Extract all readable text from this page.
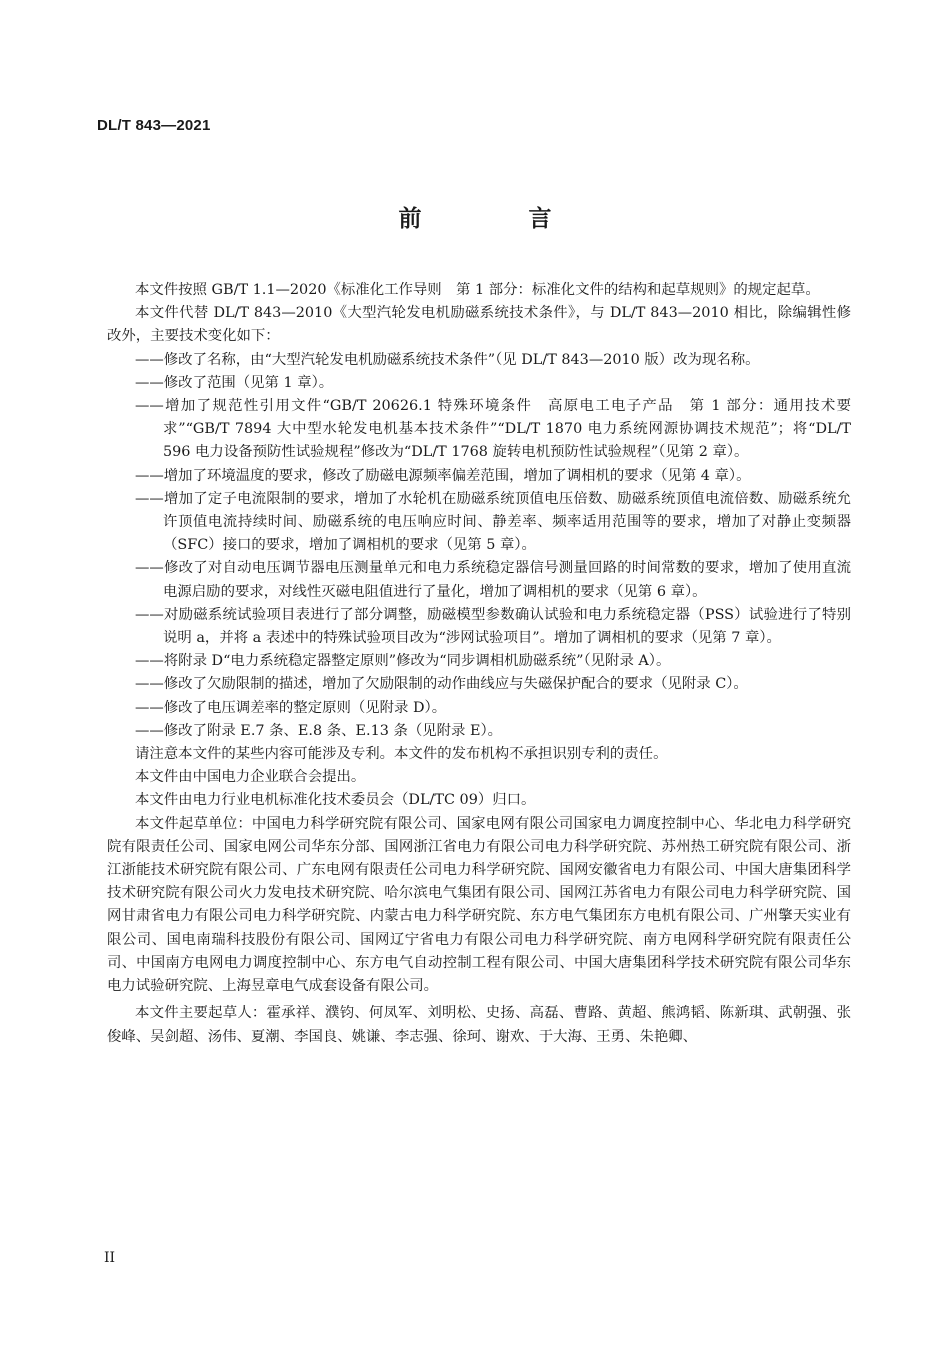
DL/T 843—2021
前　言

本文件按照 GB/T 1.1—2020《标准化工作导则　第 1 部分：标准化文件的结构和起草规则》的规定起草。

本文件代替 DL/T 843—2010《大型汽轮发电机励磁系统技术条件》，与 DL/T 843—2010 相比，除编辑性修改外，主要技术变化如下：

——修改了名称，由“大型汽轮发电机励磁系统技术条件”（见 DL/T 843—2010 版）改为现名称。

——修改了范围（见第 1 章）。

——增加了规范性引用文件“GB/T 20626.1 特殊环境条件　高原电工电子产品　第 1 部分：通用技术要求”“GB/T 7894 大中型水轮发电机基本技术条件”“DL/T 1870 电力系统网源协调技术规范”；将“DL/T 596 电力设备预防性试验规程”修改为“DL/T 1768 旋转电机预防性试验规程”（见第 2 章）。

——增加了环境温度的要求，修改了励磁电源频率偏差范围，增加了调相机的要求（见第 4 章）。

——增加了定子电流限制的要求，增加了水轮机在励磁系统顶值电压倍数、励磁系统顶值电流倍数、励磁系统允许顶值电流持续时间、励磁系统的电压响应时间、静差率、频率适用范围等的要求，增加了对静止变频器（SFC）接口的要求，增加了调相机的要求（见第 5 章）。

——修改了对自动电压调节器电压测量单元和电力系统稳定器信号测量回路的时间常数的要求，增加了使用直流电源启励的要求，对线性灭磁电阻值进行了量化，增加了调相机的要求（见第 6 章）。

——对励磁系统试验项目表进行了部分调整，励磁模型参数确认试验和电力系统稳定器（PSS）试验进行了特别说明 a，并将 a 表述中的特殊试验项目改为“涉网试验项目”。增加了调相机的要求（见第 7 章）。

——将附录 D“电力系统稳定器整定原则”修改为“同步调相机励磁系统”（见附录 A）。

——修改了欠励限制的描述，增加了欠励限制的动作曲线应与失磁保护配合的要求（见附录 C）。

——修改了电压调差率的整定原则（见附录 D）。

——修改了附录 E.7 条、E.8 条、E.13 条（见附录 E）。

请注意本文件的某些内容可能涉及专利。本文件的发布机构不承担识别专利的责任。

本文件由中国电力企业联合会提出。

本文件由电力行业电机标准化技术委员会（DL/TC 09）归口。

本文件起草单位：中国电力科学研究院有限公司、国家电网有限公司国家电力调度控制中心、华北电力科学研究院有限责任公司、国家电网公司华东分部、国网浙江省电力有限公司电力科学研究院、苏州热工研究院有限公司、浙江浙能技术研究院有限公司、广东电网有限责任公司电力科学研究院、国网安徽省电力有限公司、中国大唐集团科学技术研究院有限公司火力发电技术研究院、哈尔滨电气集团有限公司、国网江苏省电力有限公司电力科学研究院、国网甘肃省电力有限公司电力科学研究院、内蒙古电力科学研究院、东方电气集团东方电机有限公司、广州擎天实业有限公司、国电南瑞科技股份有限公司、国网辽宁省电力有限公司电力科学研究院、南方电网科学研究院有限责任公司、中国南方电网电力调度控制中心、东方电气自动控制工程有限公司、中国大唐集团科学技术研究院有限公司华东电力试验研究院、上海昱章电气成套设备有限公司。

本文件主要起草人：霍承祥、濮钧、何凤军、刘明松、史扬、高磊、曹路、黄超、熊鸿韬、陈新琪、武朝强、张俊峰、吴剑超、汤伟、夏潮、李国良、姚谦、李志强、徐珂、谢欢、于大海、王勇、朱艳卿、

II
